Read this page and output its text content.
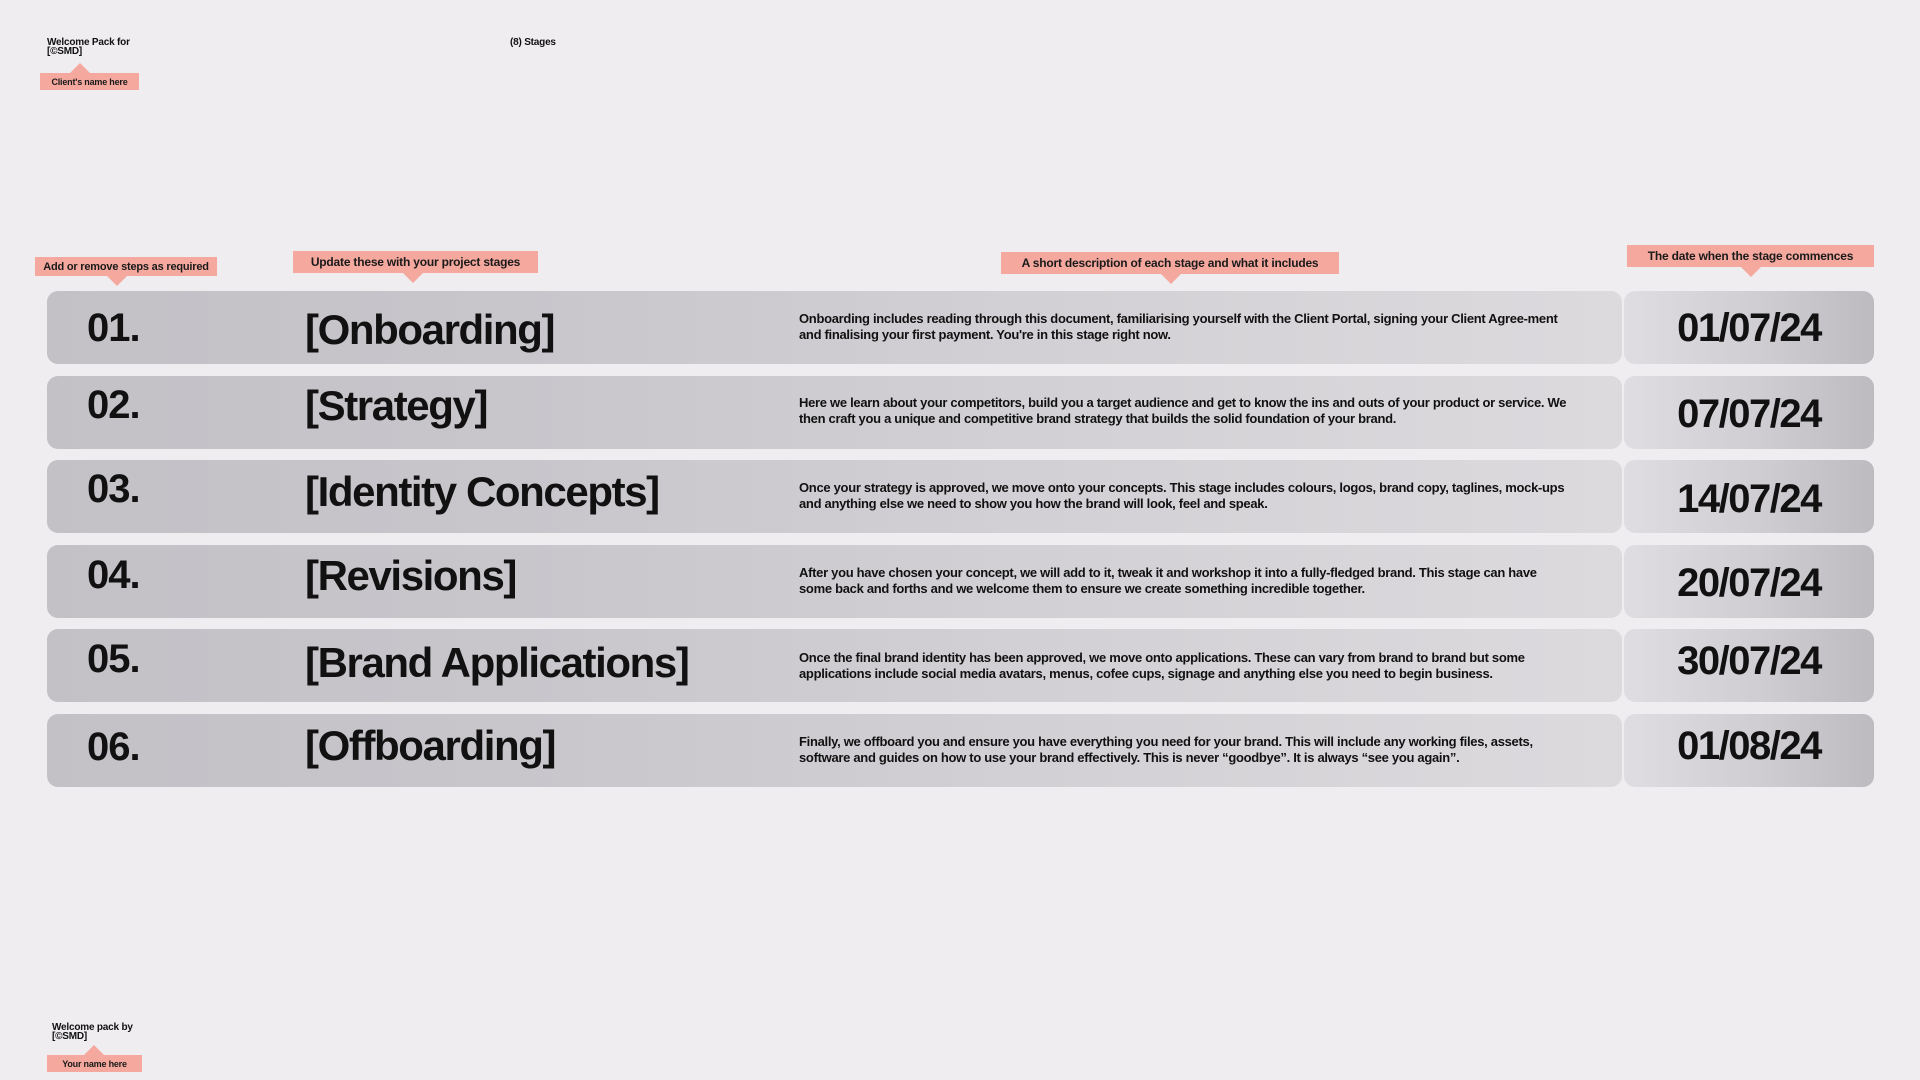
Welcome Pack for
[©SMD]
Client's name here
(8) Stages
Add or remove steps as required	Update these with your project stages	A short description of each stage and what it includes	The date when the stage commences
01.	[Onboarding]	Onboarding includes reading through this document, familiarising yourself with the Client Portal, signing your Client Agree-ment and finalising your first payment. You're in this stage right now.	01/07/24
02.	[Strategy]	Here we learn about your competitors, build you a target audience and get to know the ins and outs of your product or service. We then craft you a unique and competitive brand strategy that builds the solid foundation of your brand.	07/07/24
03.	[Identity Concepts]	Once your strategy is approved, we move onto your concepts. This stage includes colours, logos, brand copy, taglines, mock-ups and anything else we need to show you how the brand will look, feel and speak.	14/07/24
04.	[Revisions]	After you have chosen your concept, we will add to it, tweak it and workshop it into a fully-fledged brand. This stage can have some back and forths and we welcome them to ensure we create something incredible together.	20/07/24
05.	[Brand Applications]	Once the final brand identity has been approved, we move onto applications. These can vary from brand to brand but some applications include social media avatars, menus, cofee cups, signage and anything else you need to begin business.	30/07/24
06.	[Offboarding]	Finally, we offboard you and ensure you have everything you need for your brand. This will include any working files, assets, software and guides on how to use your brand effectively. This is never “goodbye”. It is always “see you again”.	01/08/24
Welcome pack by
[©SMD]
Your name here
